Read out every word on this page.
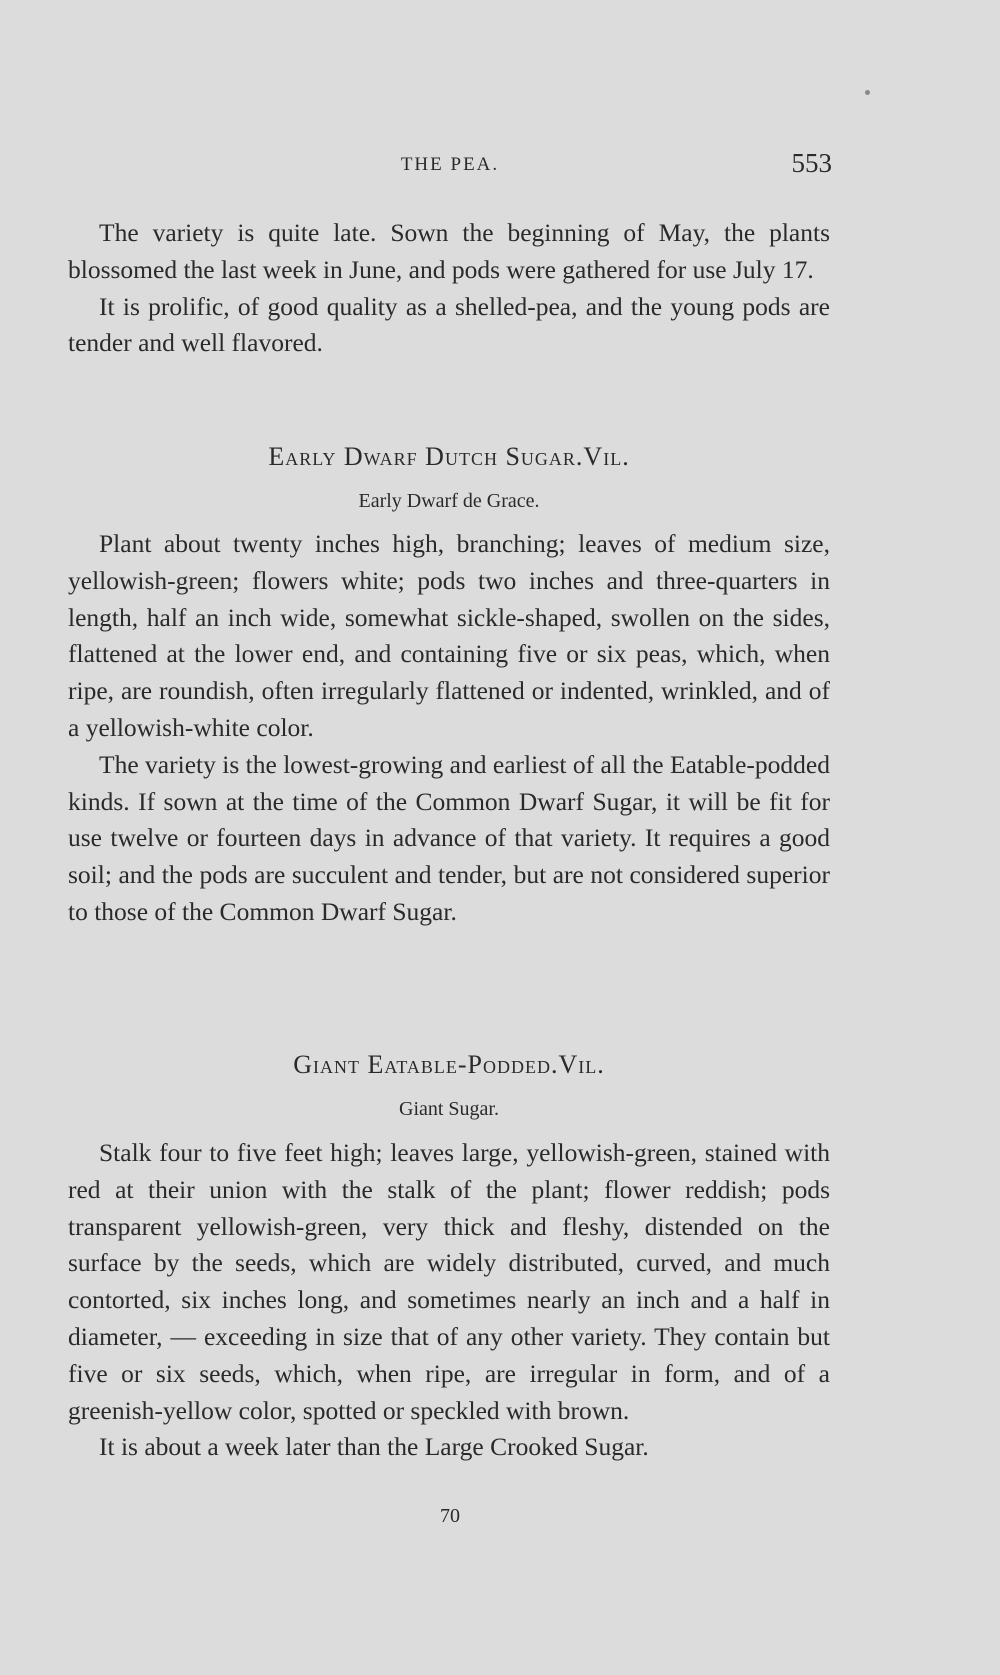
THE PEA.	553

The variety is quite late. Sown the beginning of May, the plants blossomed the last week in June, and pods were gathered for use July 17.

It is prolific, of good quality as a shelled-pea, and the young pods are tender and well flavored.

Early Dwarf Dutch Sugar.Vil.
Early Dwarf de Grace.

Plant about twenty inches high, branching; leaves of medium size, yellowish-green; flowers white; pods two inches and three-quarters in length, half an inch wide, somewhat sickle-shaped, swollen on the sides, flattened at the lower end, and containing five or six peas, which, when ripe, are roundish, often irregularly flattened or indented, wrinkled, and of a yellowish-white color.

The variety is the lowest-growing and earliest of all the Eatable-podded kinds. If sown at the time of the Common Dwarf Sugar, it will be fit for use twelve or fourteen days in advance of that variety. It requires a good soil; and the pods are succulent and tender, but are not considered superior to those of the Common Dwarf Sugar.

Giant Eatable-Podded.Vil.
Giant Sugar.

Stalk four to five feet high; leaves large, yellowish-green, stained with red at their union with the stalk of the plant; flower reddish; pods transparent yellowish-green, very thick and fleshy, distended on the surface by the seeds, which are widely distributed, curved, and much contorted, six inches long, and sometimes nearly an inch and a half in diameter, — exceeding in size that of any other variety. They contain but five or six seeds, which, when ripe, are irregular in form, and of a greenish-yellow color, spotted or speckled with brown.

It is about a week later than the Large Crooked Sugar.

70
